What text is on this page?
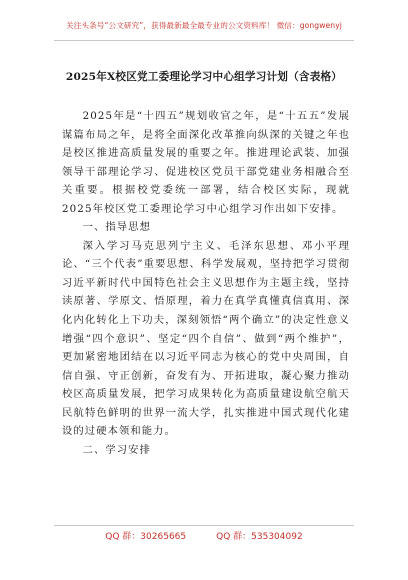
关注头条号“公文研究”，获得最新最全最专业的公文资料库！ 微信：gongwenyj
2025年X校区党工委理论学习中心组学习计划（含表格）

2025年是“十四五”规划收官之年，是“十五五”发展谋篇布局之年，是将全面深化改革推向纵深的关键之年也是校区推进高质量发展的重要之年。推进理论武装、加强领导干部理论学习、促进校区党员干部党建业务相融合至关重要。根据校党委统一部署，结合校区实际，现就2025年校区党工委理论学习中心组学习作出如下安排。

一、指导思想

深入学习马克思列宁主义、毛泽东思想、邓小平理论、“三个代表”重要思想、科学发展观，坚持把学习贯彻习近平新时代中国特色社会主义思想作为主题主线，坚持读原著、学原文、悟原理，着力在真学真懂真信真用、深化内化转化上下功夫，深刻领悟“两个确立”的决定性意义增强“四个意识”、坚定“四个自信”、做到“两个维护”，更加紧密地团结在以习近平同志为核心的党中央周围，自信自强、守正创新，奋发有为、开拓进取，凝心聚力推动校区高质量发展，把学习成果转化为高质量建设航空航天民航特色鲜明的世界一流大学，扎实推进中国式现代化建设的过硬本领和能力。

二、学习安排

QQ 群：30265665	QQ 群：535304092
